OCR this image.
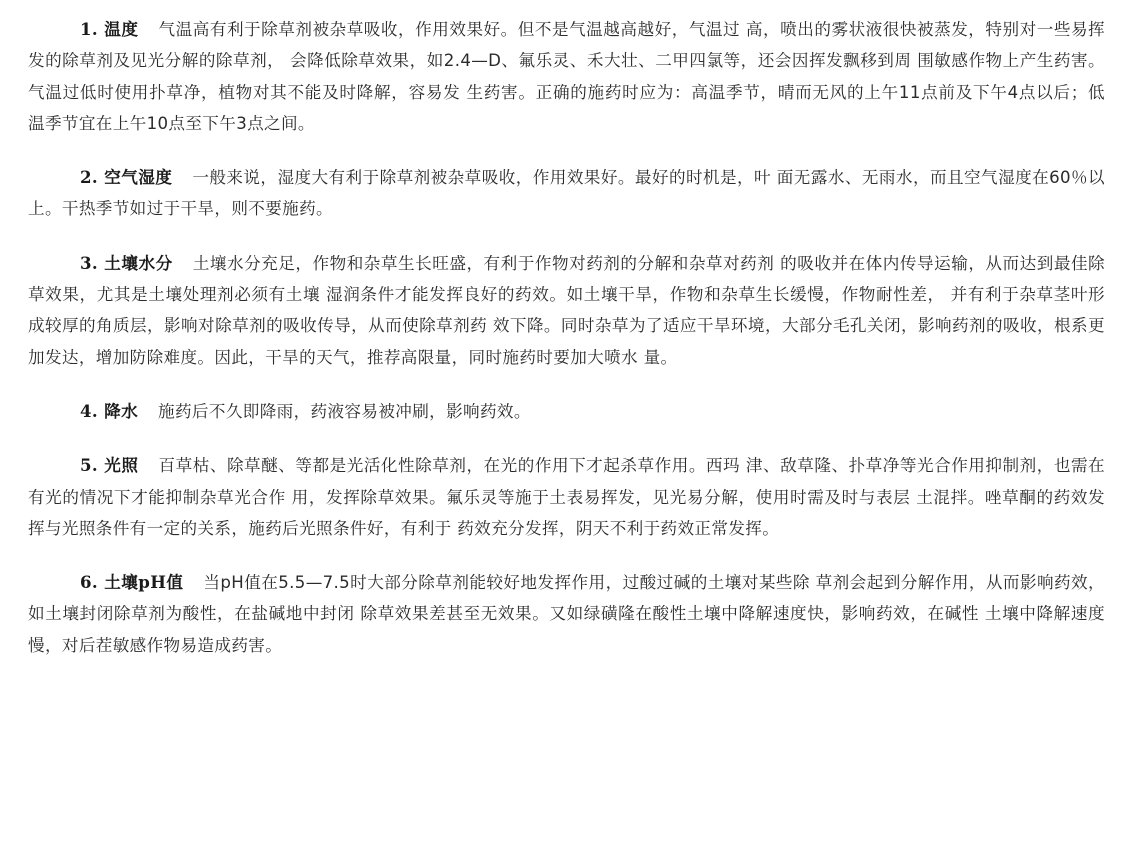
1. 温度 气温高有利于除草剂被杂草吸收，作用效果好。但不是气温越高越好，气温过 高，喷出的雾状液很快被蒸发，特别对一些易挥发的除草剂及见光分解的除草剂， 会降低除草效果，如2.4—D、氟乐灵、禾大壮、二甲四氯等，还会因挥发飘移到周 围敏感作物上产生药害。气温过低时使用扑草净，植物对其不能及时降解，容易发 生药害。正确的施药时应为：高温季节，晴而无风的上午11点前及下午4点以后；低 温季节宜在上午10点至下午3点之间。

2. 空气湿度 一般来说，湿度大有利于除草剂被杂草吸收，作用效果好。最好的时机是，叶 面无露水、无雨水，而且空气湿度在60％以上。干热季节如过于干旱，则不要施药。

3. 土壤水分 土壤水分充足，作物和杂草生长旺盛，有利于作物对药剂的分解和杂草对药剂 的吸收并在体内传导运输，从而达到最佳除草效果，尤其是土壤处理剂必须有土壤 湿润条件才能发挥良好的药效。如土壤干旱，作物和杂草生长缓慢，作物耐性差， 并有利于杂草茎叶形成较厚的角质层，影响对除草剂的吸收传导，从而使除草剂药 效下降。同时杂草为了适应干旱环境，大部分毛孔关闭，影响药剂的吸收，根系更 加发达，增加防除难度。因此，干旱的天气，推荐高限量，同时施药时要加大喷水 量。

4. 降水 施药后不久即降雨，药液容易被冲刷，影响药效。

5. 光照 百草枯、除草醚、等都是光活化性除草剂，在光的作用下才起杀草作用。西玛 津、敌草隆、扑草净等光合作用抑制剂，也需在有光的情况下才能抑制杂草光合作 用，发挥除草效果。氟乐灵等施于土表易挥发，见光易分解，使用时需及时与表层 土混拌。唑草酮的药效发挥与光照条件有一定的关系，施药后光照条件好，有利于 药效充分发挥，阴天不利于药效正常发挥。

6. 土壤pH值 当pH值在5.5—7.5时大部分除草剂能较好地发挥作用，过酸过碱的土壤对某些除 草剂会起到分解作用，从而影响药效，如土壤封闭除草剂为酸性，在盐碱地中封闭 除草效果差甚至无效果。又如绿磺隆在酸性土壤中降解速度快，影响药效，在碱性 土壤中降解速度慢，对后茬敏感作物易造成药害。
